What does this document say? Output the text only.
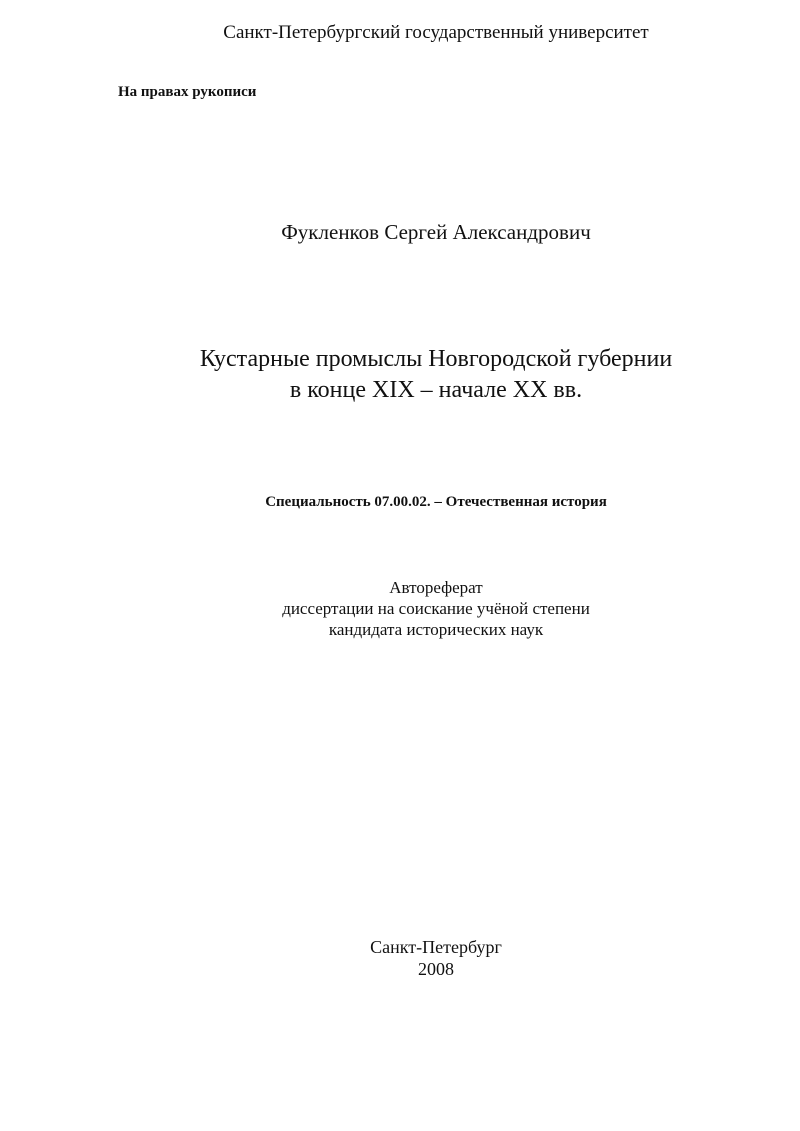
Санкт-Петербургский государственный университет
На правах рукописи
Фукленков Сергей Александрович
Кустарные промыслы Новгородской губернии
в конце XIX – начале XX вв.
Специальность 07.00.02. – Отечественная история
Автореферат
диссертации на соискание учёной степени
кандидата исторических наук
Санкт-Петербург
2008
